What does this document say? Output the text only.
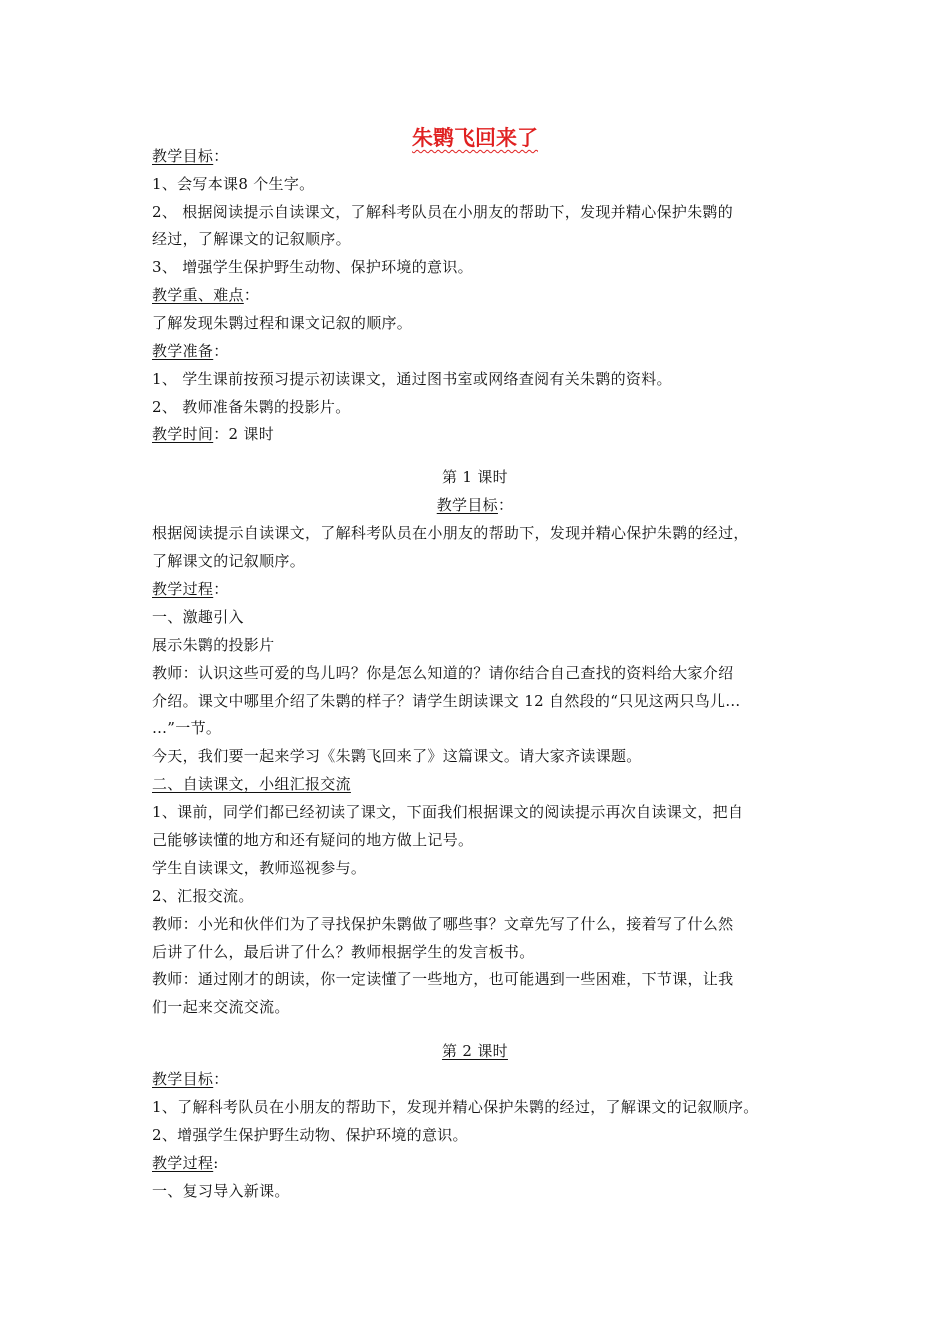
朱鹮飞回来了
教学目标：
1、会写本课8 个生字。
2、 根据阅读提示自读课文，了解科考队员在小朋友的帮助下，发现并精心保护朱鹮的
经过，了解课文的记叙顺序。
3、 增强学生保护野生动物、保护环境的意识。
教学重、难点：
了解发现朱鹮过程和课文记叙的顺序。
教学准备：
1、 学生课前按预习提示初读课文，通过图书室或网络查阅有关朱鹮的资料。
2、 教师准备朱鹮的投影片。
教学时间：2 课时
第 1 课时
教学目标：
根据阅读提示自读课文，了解科考队员在小朋友的帮助下，发现并精心保护朱鹮的经过，
了解课文的记叙顺序。
教学过程：
一、激趣引入
展示朱鹮的投影片
教师：认识这些可爱的鸟儿吗？你是怎么知道的？请你结合自己查找的资料给大家介绍
介绍。课文中哪里介绍了朱鹮的样子？请学生朗读课文 12 自然段的“只见这两只鸟儿…
…”一节。
今天，我们要一起来学习《朱鹮飞回来了》这篇课文。请大家齐读课题。
二、自读课文，小组汇报交流
1、课前，同学们都已经初读了课文，下面我们根据课文的阅读提示再次自读课文，把自
己能够读懂的地方和还有疑问的地方做上记号。
学生自读课文，教师巡视参与。
2、汇报交流。
教师：小光和伙伴们为了寻找保护朱鹮做了哪些事？文章先写了什么，接着写了什么然
后讲了什么，最后讲了什么？教师根据学生的发言板书。
教师：通过刚才的朗读，你一定读懂了一些地方，也可能遇到一些困难，下节课，让我
们一起来交流交流。
第 2 课时
教学目标：
1、了解科考队员在小朋友的帮助下，发现并精心保护朱鹮的经过，了解课文的记叙顺序。
2、增强学生保护野生动物、保护环境的意识。
教学过程:
一、复习导入新课。
